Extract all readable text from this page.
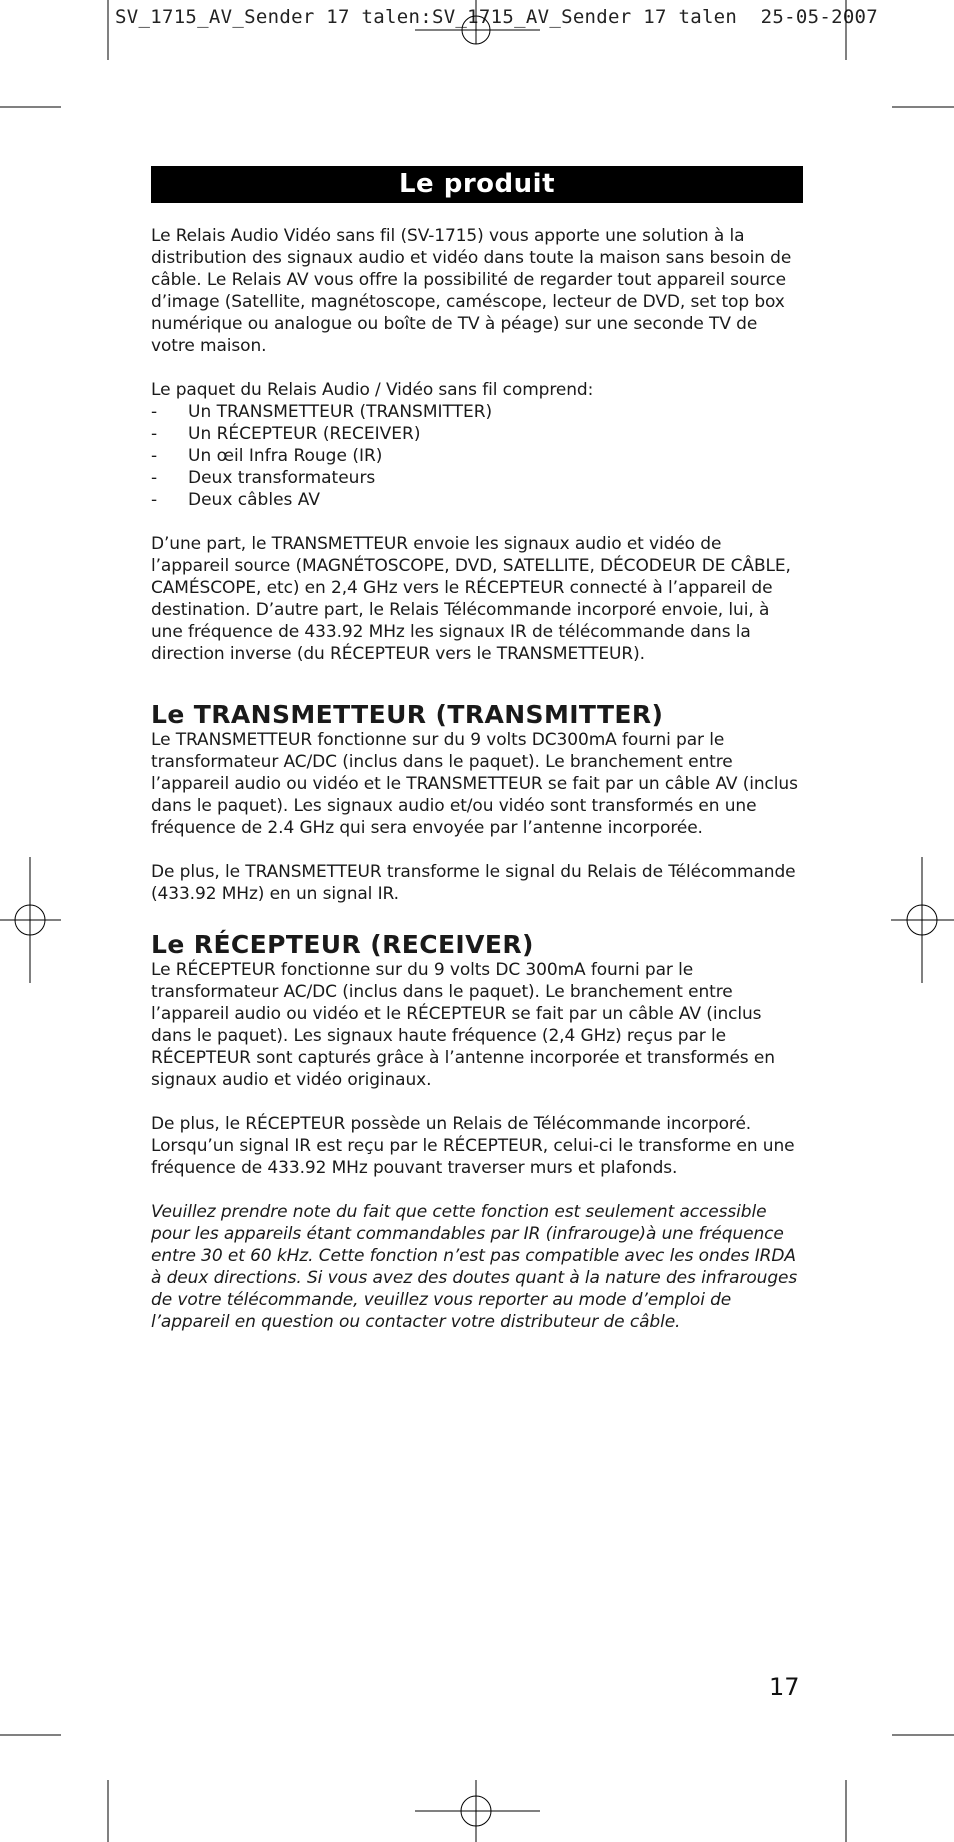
SV_1715_AV_Sender 17 talen:SV_1715_AV_Sender 17 talen  25-05-2007
Le produit

Le Relais Audio Vidéo sans fil (SV-1715) vous apporte une solution à la distribution des signaux audio et vidéo dans toute la maison sans besoin de câble. Le Relais AV vous offre la possibilité de regarder tout appareil source d’image (Satellite, magnétoscope, caméscope, lecteur de DVD, set top box numérique ou analogue ou boîte de TV à péage) sur une seconde TV de votre maison.

Le paquet du Relais Audio / Vidéo sans fil comprend:

- Un TRANSMETTEUR (TRANSMITTER)
- Un RÉCEPTEUR (RECEIVER)
- Un œil Infra Rouge (IR)
- Deux transformateurs
- Deux câbles AV

D’une part, le TRANSMETTEUR envoie les signaux audio et vidéo de l’appareil source (MAGNÉTOSCOPE, DVD, SATELLITE, DÉCODEUR DE CÂBLE, CAMÉSCOPE, etc) en 2,4 GHz vers le RÉCEPTEUR connecté à l’appareil de destination. D’autre part, le Relais Télécommande incorporé envoie, lui, à une fréquence de 433.92 MHz les signaux IR de télécommande dans la direction inverse (du RÉCEPTEUR vers le TRANSMETTEUR).

Le TRANSMETTEUR (TRANSMITTER)

Le TRANSMETTEUR fonctionne sur du 9 volts DC300mA fourni par le transformateur AC/DC (inclus dans le paquet). Le branchement entre l’appareil audio ou vidéo et le TRANSMETTEUR se fait par un câble AV (inclus dans le paquet). Les signaux audio et/ou vidéo sont transformés en une fréquence de 2.4 GHz qui sera envoyée par l’antenne incorporée.

De plus, le TRANSMETTEUR transforme le signal du Relais de Télécommande (433.92 MHz) en un signal IR.

Le RÉCEPTEUR (RECEIVER)

Le RÉCEPTEUR fonctionne sur du 9 volts DC 300mA fourni par le transformateur AC/DC (inclus dans le paquet). Le branchement entre l’appareil audio ou vidéo et le RÉCEPTEUR se fait par un câble AV (inclus dans le paquet). Les signaux haute fréquence (2,4 GHz) reçus par le RÉCEPTEUR sont capturés grâce à l’antenne incorporée et transformés en signaux audio et vidéo originaux.

De plus, le RÉCEPTEUR possède un Relais de Télécommande incorporé. Lorsqu’un signal IR est reçu par le RÉCEPTEUR, celui-ci le transforme en une fréquence de 433.92 MHz pouvant traverser murs et plafonds.

Veuillez prendre note du fait que cette fonction est seulement accessible pour les appareils étant commandables par IR (infrarouge)à une fréquence entre 30 et 60 kHz. Cette fonction n’est pas compatible avec les ondes IRDA à deux directions. Si vous avez des doutes quant à la nature des infrarouges de votre télécommande, veuillez vous reporter au mode d’emploi de l’appareil en question ou contacter votre distributeur de câble.

17
